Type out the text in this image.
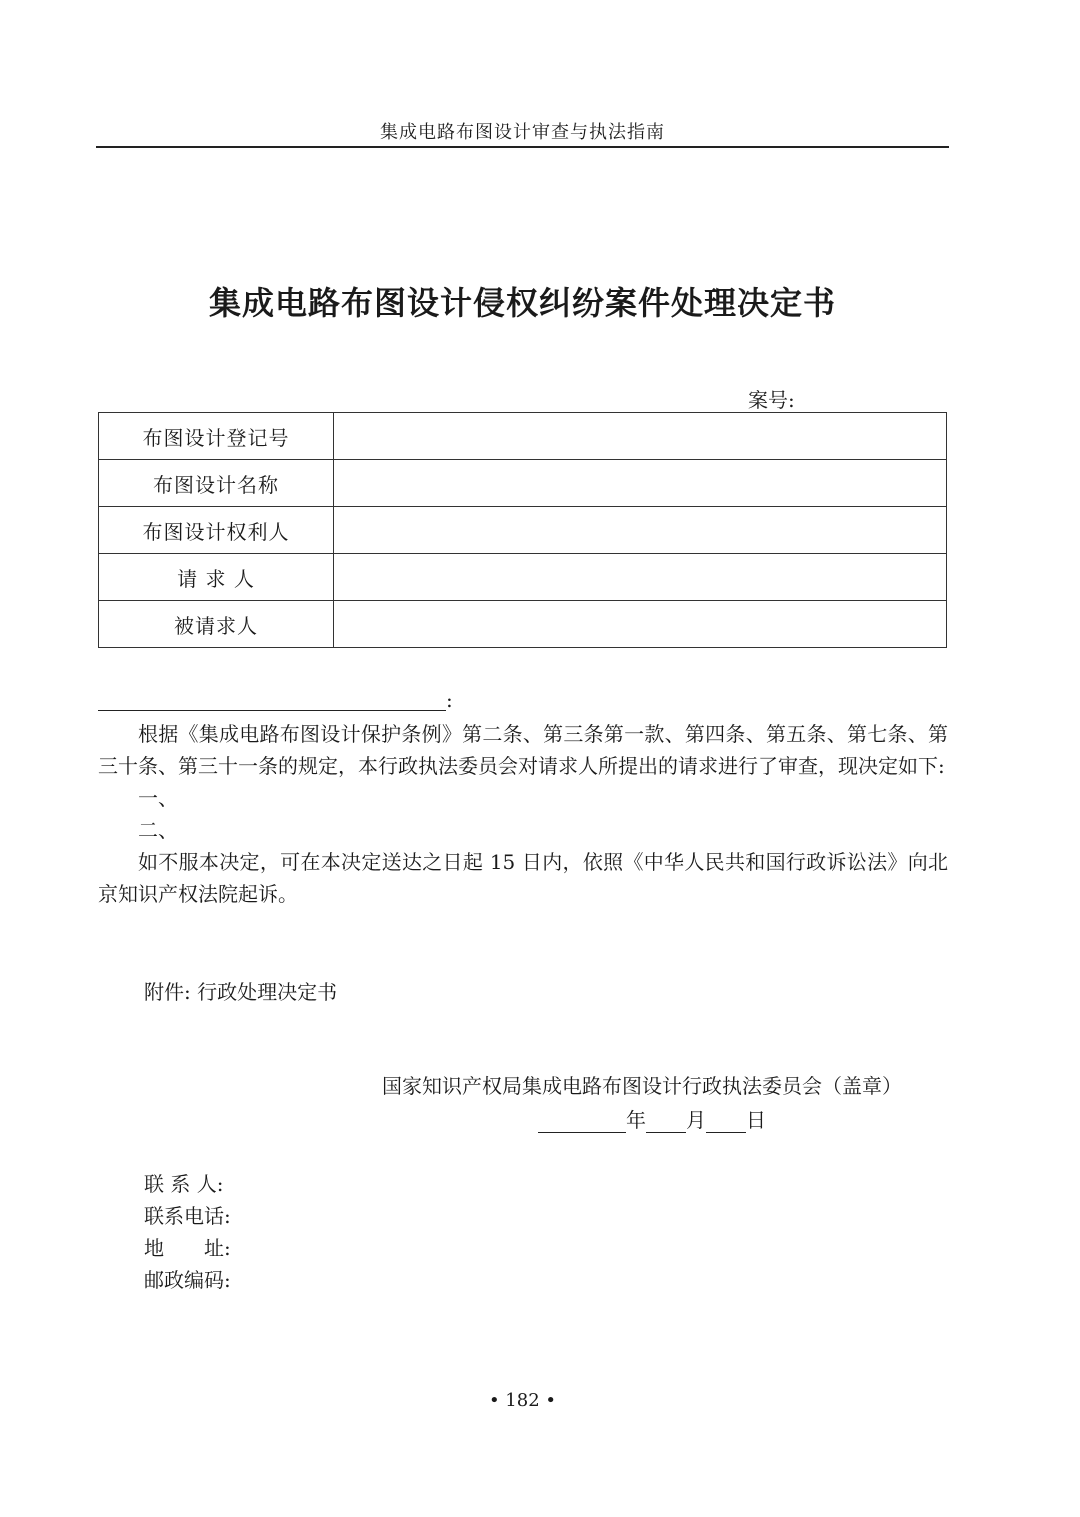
集成电路布图设计审查与执法指南
集成电路布图设计侵权纠纷案件处理决定书
案号:
布图设计登记号	
布图设计名称	
布图设计权利人	
请 求 人	
被请求人	
:

根据《集成电路布图设计保护条例》第二条、第三条第一款、第四条、第五条、第七条、第三十条、第三十一条的规定，本行政执法委员会对请求人所提出的请求进行了审查，现决定如下:

一、

二、

如不服本决定，可在本决定送达之日起 15 日内，依照《中华人民共和国行政诉讼法》向北京知识产权法院起诉。

附件: 行政处理决定书
国家知识产权局集成电路布图设计行政执法委员会（盖章）
年 月 日
联 系 人:
联系电话:
地　　址:
邮政编码:
• 182 •
